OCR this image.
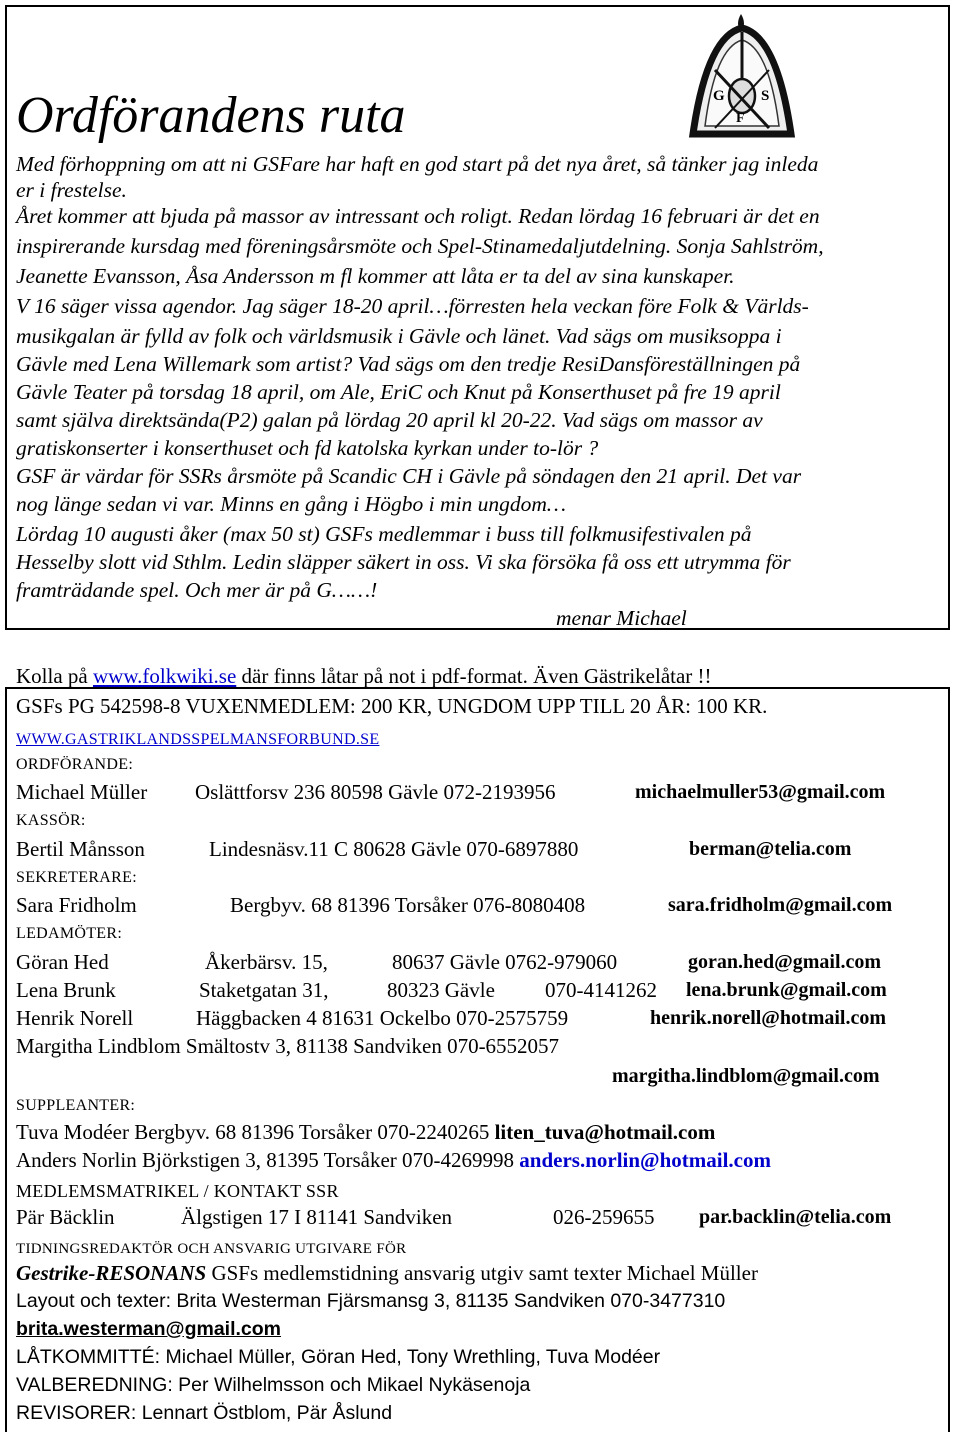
G S
F
Ordförandens ruta
Med förhoppning om att ni GSFare har haft en god start på det nya året, så tänker jag inleda
er i frestelse.
Året kommer att bjuda på massor av intressant och roligt. Redan lördag 16 februari är det en
inspirerande kursdag med föreningsårsmöte och Spel-Stinamedaljutdelning. Sonja Sahlström,
Jeanette Evansson, Åsa Andersson m fl kommer att låta er ta del av sina kunskaper.
V 16 säger vissa agendor. Jag säger 18-20 april…förresten hela veckan före Folk & Världs-
musikgalan är fylld av folk och världsmusik i Gävle och länet. Vad sägs om musiksoppa i
Gävle med Lena Willemark som artist? Vad sägs om den tredje ResiDansföreställningen på
Gävle Teater på torsdag 18 april, om Ale, EriC och Knut på Konserthuset på fre 19 april
samt själva direktsända(P2) galan på lördag 20 april kl 20-22. Vad sägs om massor av
gratiskonserter i konserthuset och fd katolska kyrkan under to-lör ?
GSF är värdar för SSRs årsmöte på Scandic CH i Gävle på söndagen den 21 april. Det var
nog länge sedan vi var. Minns en gång i Högbo i min ungdom…
Lördag 10 augusti åker (max 50 st) GSFs medlemmar i buss till folkmusifestivalen på
Hesselby slott vid Sthlm. Ledin släpper säkert in oss. Vi ska försöka få oss ett utrymma för
framträdande spel. Och mer är på G……!
menar Michael
Kolla på www.folkwiki.se där finns låtar på not i pdf-format. Även Gästrikelåtar !!
GSFs PG 542598-8 VUXENMEDLEM: 200 KR, UNGDOM UPP TILL 20 ÅR: 100 KR.
WWW.GASTRIKLANDSSPELMANSFORBUND.SE
ORDFÖRANDE:
Michael Müller Oslättforsv 236 80598 Gävle 072-2193956	michaelmuller53@gmail.com
KASSÖR:
Bertil Månsson	Lindesnäsv.11 C 80628 Gävle 070-6897880	berman@telia.com
SEKRETERARE:
Sara Fridholm	Bergbyv. 68 81396 Torsåker 076-8080408	sara.fridholm@gmail.com
LEDAMÖTER:
Göran Hed	Åkerbärsv. 15,	80637 Gävle 0762-979060	goran.hed@gmail.com
Lena Brunk	Staketgatan 31,	80323 Gävle 070-4141262 lena.brunk@gmail.com
Henrik Norell	Häggbacken 4 81631 Ockelbo 070-2575759	henrik.norell@hotmail.com
Margitha Lindblom Smältostv 3, 81138 Sandviken 070-6552057
margitha.lindblom@gmail.com
SUPPLEANTER:
Tuva Modéer Bergbyv. 68 81396 Torsåker 070-2240265 liten_tuva@hotmail.com
Anders Norlin Björkstigen 3, 81395 Torsåker 070-4269998 anders.norlin@hotmail.com
MEDLEMSMATRIKEL / KONTAKT SSR
Pär Bäcklin	Älgstigen 17 I 81141 Sandviken	026-259655 par.backlin@telia.com
TIDNINGSREDAKTÖR OCH ANSVARIG UTGIVARE FÖR
Gestrike-RESONANS GSFs medlemstidning ansvarig utgiv samt texter Michael Müller
Layout och texter: Brita Westerman Fjärsmansg 3, 81135 Sandviken 070-3477310
brita.westerman@gmail.com
LÅTKOMMITTÉ: Michael Müller, Göran Hed, Tony Wrethling, Tuva Modéer
VALBEREDNING: Per Wilhelmsson och Mikael Nykäsenoja
REVISORER: Lennart Östblom, Pär Åslund
